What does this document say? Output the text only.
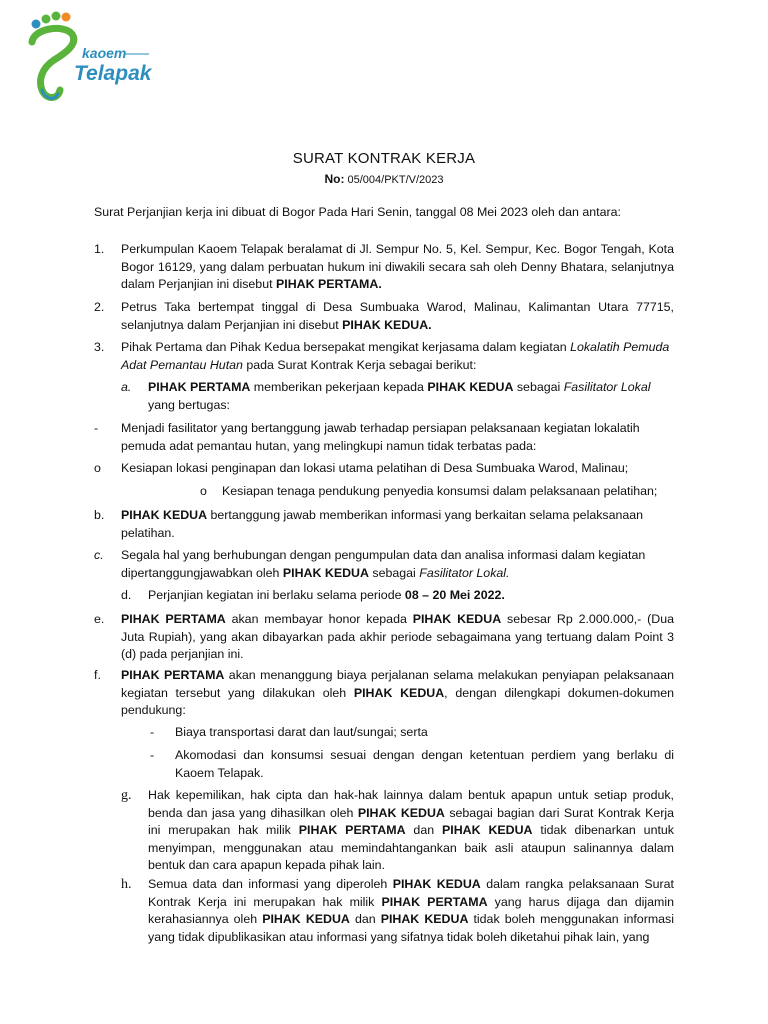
kaoem
Telapak
SURAT KONTRAK KERJA
No: 05/004/PKT/V/2023
Surat Perjanjian kerja ini dibuat di Bogor Pada Hari Senin, tanggal 08 Mei 2023 oleh dan antara:
1. Perkumpulan Kaoem Telapak beralamat di Jl. Sempur No. 5, Kel. Sempur, Kec. Bogor Tengah, Kota Bogor 16129, yang dalam perbuatan hukum ini diwakili secara sah oleh Denny Bhatara, selanjutnya dalam Perjanjian ini disebut PIHAK PERTAMA.
2. Petrus Taka bertempat tinggal di Desa Sumbuaka Warod, Malinau, Kalimantan Utara 77715, selanjutnya dalam Perjanjian ini disebut PIHAK KEDUA.
3. Pihak Pertama dan Pihak Kedua bersepakat mengikat kerjasama dalam kegiatan Lokalatih Pemuda Adat Pemantau Hutan pada Surat Kontrak Kerja sebagai berikut:
a. PIHAK PERTAMA memberikan pekerjaan kepada PIHAK KEDUA sebagai Fasilitator Lokal yang bertugas:
- Menjadi fasilitator yang bertanggung jawab terhadap persiapan pelaksanaan kegiatan lokalatih pemuda adat pemantau hutan, yang melingkupi namun tidak terbatas pada:
o Kesiapan lokasi penginapan dan lokasi utama pelatihan di Desa Sumbuaka Warod, Malinau;
o Kesiapan tenaga pendukung penyedia konsumsi dalam pelaksanaan pelatihan;
b. PIHAK KEDUA bertanggung jawab memberikan informasi yang berkaitan selama pelaksanaan pelatihan.
c. Segala hal yang berhubungan dengan pengumpulan data dan analisa informasi dalam kegiatan dipertanggungjawabkan oleh PIHAK KEDUA sebagai Fasilitator Lokal.
d. Perjanjian kegiatan ini berlaku selama periode 08 – 20 Mei 2022.
e. PIHAK PERTAMA akan membayar honor kepada PIHAK KEDUA sebesar Rp 2.000.000,- (Dua Juta Rupiah), yang akan dibayarkan pada akhir periode sebagaimana yang tertuang dalam Point 3 (d) pada perjanjian ini.
f. PIHAK PERTAMA akan menanggung biaya perjalanan selama melakukan penyiapan pelaksanaan kegiatan tersebut yang dilakukan oleh PIHAK KEDUA, dengan dilengkapi dokumen-dokumen pendukung:
- Biaya transportasi darat dan laut/sungai; serta
- Akomodasi dan konsumsi sesuai dengan dengan ketentuan perdiem yang berlaku di Kaoem Telapak.
g. Hak kepemilikan, hak cipta dan hak-hak lainnya dalam bentuk apapun untuk setiap produk, benda dan jasa yang dihasilkan oleh PIHAK KEDUA sebagai bagian dari Surat Kontrak Kerja ini merupakan hak milik PIHAK PERTAMA dan PIHAK KEDUA tidak dibenarkan untuk menyimpan, menggunakan atau memindahtangankan baik asli ataupun salinannya dalam bentuk dan cara apapun kepada pihak lain.
h. Semua data dan informasi yang diperoleh PIHAK KEDUA dalam rangka pelaksanaan Surat Kontrak Kerja ini merupakan hak milik PIHAK PERTAMA yang harus dijaga dan dijamin kerahasiannya oleh PIHAK KEDUA dan PIHAK KEDUA tidak boleh menggunakan informasi yang tidak dipublikasikan atau informasi yang sifatnya tidak boleh diketahui pihak lain, yang
